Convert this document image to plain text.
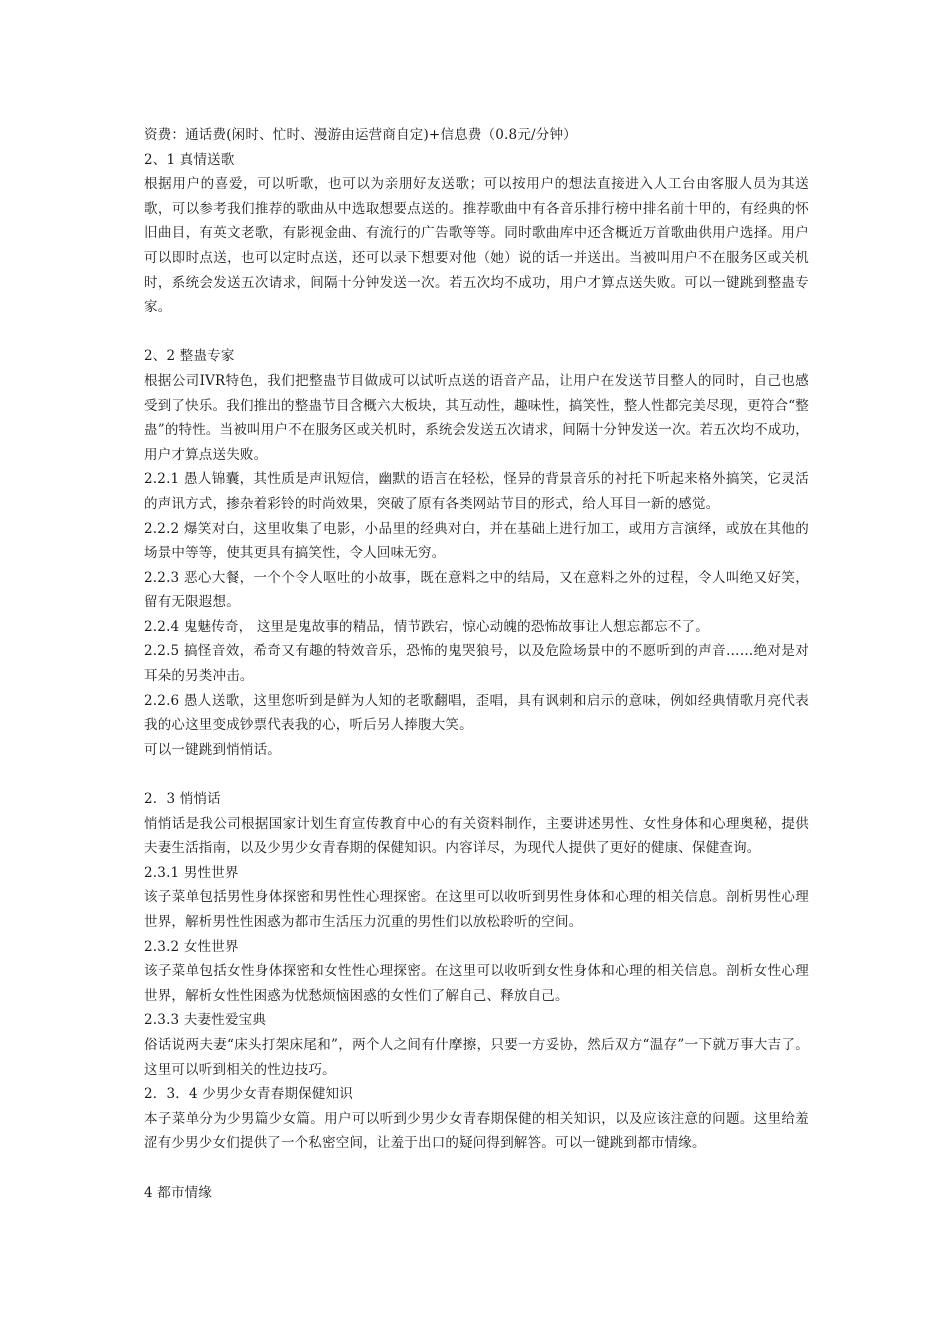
资费：通话费(闲时、忙时、漫游由运营商自定)+信息费（0.8元/分钟）

2、1 真情送歌

根据用户的喜爱，可以听歌，也可以为亲朋好友送歌；可以按用户的想法直接进入人工台由客服人员为其送歌，可以参考我们推荐的歌曲从中选取想要点送的。推荐歌曲中有各音乐排行榜中排名前十甲的，有经典的怀旧曲目，有英文老歌，有影视金曲、有流行的广告歌等等。同时歌曲库中还含概近万首歌曲供用户选择。用户可以即时点送，也可以定时点送，还可以录下想要对他（她）说的话一并送出。当被叫用户不在服务区或关机时，系统会发送五次请求，间隔十分钟发送一次。若五次均不成功，用户才算点送失败。可以一键跳到整蛊专家。

2、2 整蛊专家

根据公司IVR特色，我们把整蛊节目做成可以试听点送的语音产品，让用户在发送节目整人的同时，自己也感受到了快乐。我们推出的整蛊节目含概六大板块，其互动性，趣味性，搞笑性，整人性都完美尽现，更符合“整蛊”的特性。当被叫用户不在服务区或关机时，系统会发送五次请求，间隔十分钟发送一次。若五次均不成功，用户才算点送失败。

2.2.1 愚人锦囊，其性质是声讯短信，幽默的语言在轻松，怪异的背景音乐的衬托下听起来格外搞笑，它灵活的声讯方式，掺杂着彩铃的时尚效果，突破了原有各类网站节目的形式，给人耳目一新的感觉。

2.2.2 爆笑对白，这里收集了电影，小品里的经典对白，并在基础上进行加工，或用方言演绎，或放在其他的场景中等等，使其更具有搞笑性，令人回味无穷。

2.2.3 恶心大餐，一个个令人呕吐的小故事，既在意料之中的结局，又在意料之外的过程，令人叫绝又好笑，留有无限遐想。

2.2.4 鬼魅传奇， 这里是鬼故事的精品，情节跌宕，惊心动魄的恐怖故事让人想忘都忘不了。

2.2.5 搞怪音效，希奇又有趣的特效音乐，恐怖的鬼哭狼号，以及危险场景中的不愿听到的声音……绝对是对耳朵的另类冲击。

2.2.6 愚人送歌，这里您听到是鲜为人知的老歌翻唱，歪唱，具有讽刺和启示的意味，例如经典情歌月亮代表我的心这里变成钞票代表我的心，听后另人捧腹大笑。

可以一键跳到悄悄话。

2．3 悄悄话

悄悄话是我公司根据国家计划生育宣传教育中心的有关资料制作，主要讲述男性、女性身体和心理奥秘，提供夫妻生活指南，以及少男少女青春期的保健知识。内容详尽，为现代人提供了更好的健康、保健查询。

2.3.1 男性世界

该子菜单包括男性身体探密和男性性心理探密。在这里可以收听到男性身体和心理的相关信息。剖析男性心理世界，解析男性性困惑为都市生活压力沉重的男性们以放松聆听的空间。

2.3.2 女性世界

该子菜单包括女性身体探密和女性性心理探密。在这里可以收听到女性身体和心理的相关信息。剖析女性心理世界，解析女性性困惑为忧愁烦恼困惑的女性们了解自己、释放自己。

2.3.3 夫妻性爱宝典

俗话说两夫妻“床头打架床尾和”，两个人之间有什摩擦，只要一方妥协，然后双方“温存”一下就万事大吉了。这里可以听到相关的性边技巧。

2．3．4 少男少女青春期保健知识

本子菜单分为少男篇少女篇。用户可以听到少男少女青春期保健的相关知识，以及应该注意的问题。这里给羞涩有少男少女们提供了一个私密空间，让羞于出口的疑问得到解答。可以一键跳到都市情缘。

4 都市情缘
